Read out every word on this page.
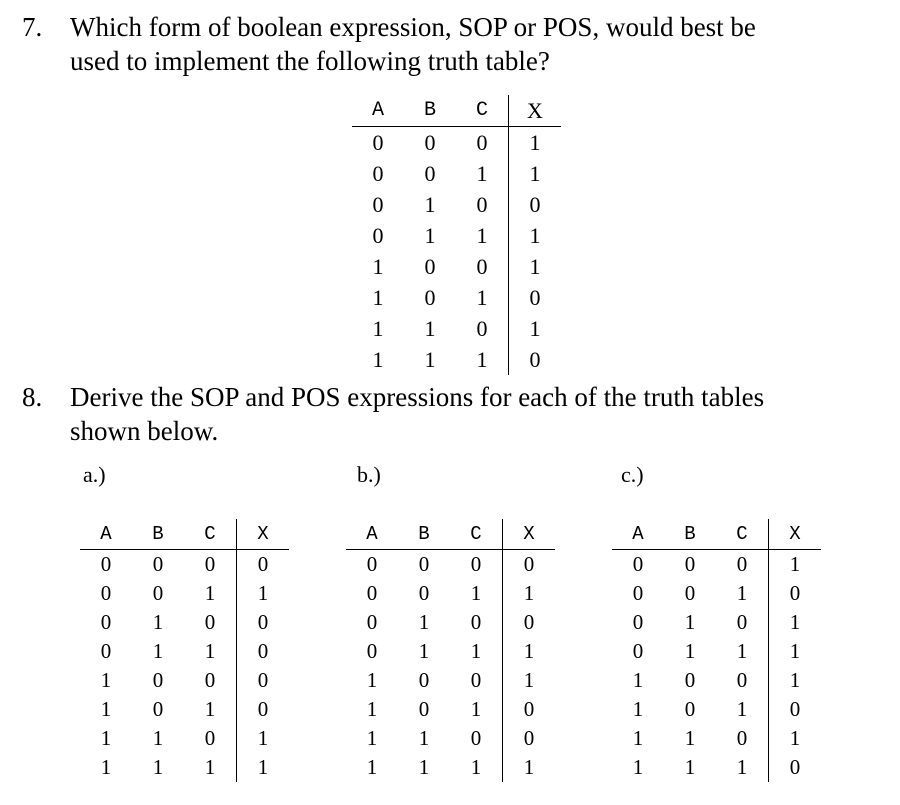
7. Which form of boolean expression, SOP or POS, would best be
used to implement the following truth table?
A	B	C	X
0	0	0	1
0	0	1	1
0	1	0	0
0	1	1	1
1	0	0	1
1	0	1	0
1	1	0	1
1	1	1	0
8. Derive the SOP and POS expressions for each of the truth tables
shown below.
a.)	b.)	c.)
A	B	C	X
0	0	0	0
0	0	1	1
0	1	0	0
0	1	1	0
1	0	0	0
1	0	1	0
1	1	0	1
1	1	1	1
A	B	C	X
0	0	0	0
0	0	1	1
0	1	0	0
0	1	1	1
1	0	0	1
1	0	1	0
1	1	0	0
1	1	1	1
A	B	C	X
0	0	0	1
0	0	1	0
0	1	0	1
0	1	1	1
1	0	0	1
1	0	1	0
1	1	0	1
1	1	1	0
